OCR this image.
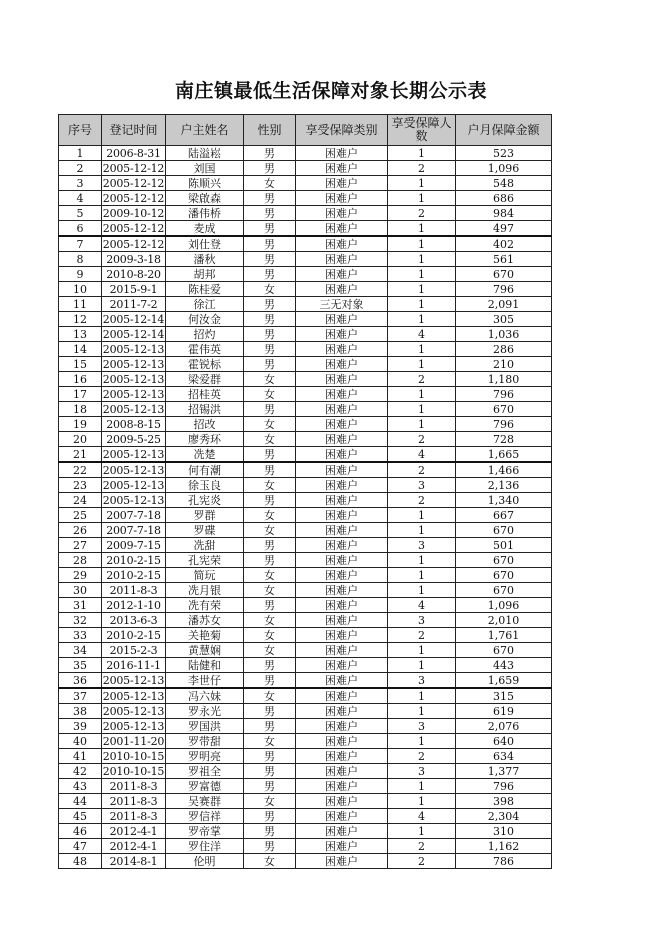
南庄镇最低生活保障对象长期公示表
序号	登记时间	户主姓名	性别	享受保障类别	享受保障人数	户月保障金额
1	2006-8-31	陆溢崧	男	困难户	1	523
2	2005-12-12	刘国	男	困难户	2	1,096
3	2005-12-12	陈顺兴	女	困难户	1	548
4	2005-12-12	梁啟森	男	困难户	1	686
5	2009-10-12	潘伟桥	男	困难户	2	984
6	2005-12-12	麦成	男	困难户	1	497
7	2005-12-12	刘仕登	男	困难户	1	402
8	2009-3-18	潘秋	男	困难户	1	561
9	2010-8-20	胡邦	男	困难户	1	670
10	2015-9-1	陈桂爱	女	困难户	1	796
11	2011-7-2	徐江	男	三无对象	1	2,091
12	2005-12-14	何汝金	男	困难户	1	305
13	2005-12-14	招灼	男	困难户	4	1,036
14	2005-12-13	霍伟英	男	困难户	1	286
15	2005-12-13	霍锐标	男	困难户	1	210
16	2005-12-13	梁爱群	女	困难户	2	1,180
17	2005-12-13	招桂英	女	困难户	1	796
18	2005-12-13	招锡洪	男	困难户	1	670
19	2008-8-15	招改	女	困难户	1	796
20	2009-5-25	廖秀环	女	困难户	2	728
21	2005-12-13	冼楚	男	困难户	4	1,665
22	2005-12-13	何有潮	男	困难户	2	1,466
23	2005-12-13	徐玉良	女	困难户	3	2,136
24	2005-12-13	孔宪炎	男	困难户	2	1,340
25	2007-7-18	罗群	女	困难户	1	667
26	2007-7-18	罗碟	女	困难户	1	670
27	2009-7-15	冼甜	男	困难户	3	501
28	2010-2-15	孔宪荣	男	困难户	1	670
29	2010-2-15	简玩	女	困难户	1	670
30	2011-8-3	冼月银	女	困难户	1	670
31	2012-1-10	冼有荣	男	困难户	4	1,096
32	2013-6-3	潘苏女	女	困难户	3	2,010
33	2010-2-15	关艳菊	女	困难户	2	1,761
34	2015-2-3	黄慧娴	女	困难户	1	670
35	2016-11-1	陆健和	男	困难户	1	443
36	2005-12-13	李世仔	男	困难户	3	1,659
37	2005-12-13	冯六妹	女	困难户	1	315
38	2005-12-13	罗永光	男	困难户	1	619
39	2005-12-13	罗国洪	男	困难户	3	2,076
40	2001-11-20	罗带甜	女	困难户	1	640
41	2010-10-15	罗明亮	男	困难户	2	634
42	2010-10-15	罗祖全	男	困难户	3	1,377
43	2011-8-3	罗富德	男	困难户	1	796
44	2011-8-3	吴赛群	女	困难户	1	398
45	2011-8-3	罗信祥	男	困难户	4	2,304
46	2012-4-1	罗帝掌	男	困难户	1	310
47	2012-4-1	罗住洋	男	困难户	2	1,162
48	2014-8-1	伦明	女	困难户	2	786
